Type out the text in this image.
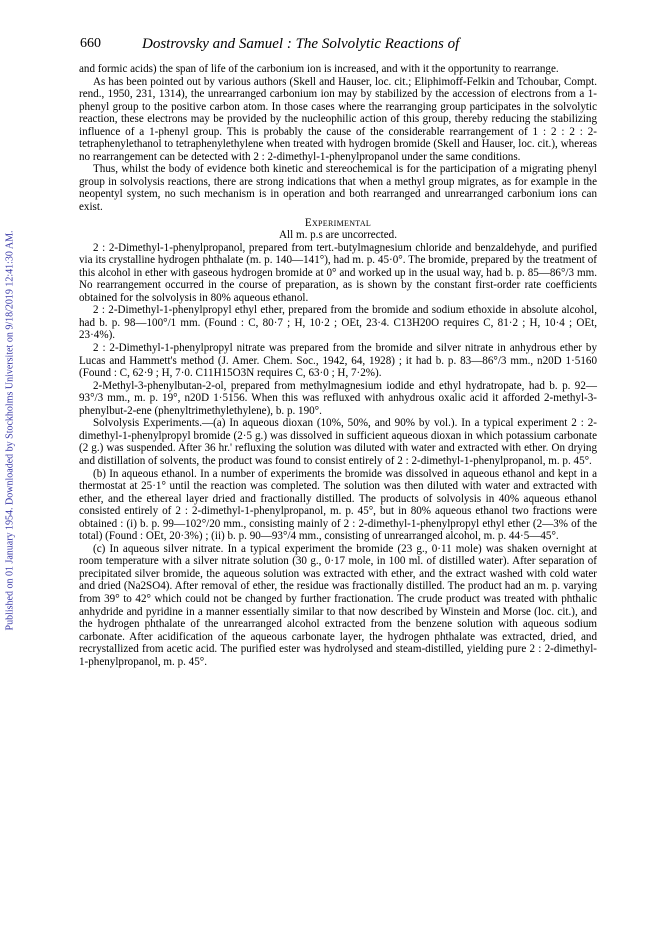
Published on 01 January 1954. Downloaded by Stockholms Universitet on 9/18/2019 12:41:30 AM.
660	Dostrovsky and Samuel : The Solvolytic Reactions of

and formic acids) the span of life of the carbonium ion is increased, and with it the opportunity to rearrange.

As has been pointed out by various authors (Skell and Hauser, loc. cit.; Eliphimoff-Felkin and Tchoubar, Compt. rend., 1950, 231, 1314), the unrearranged carbonium ion may by stabilized by the accession of electrons from a 1-phenyl group to the positive carbon atom. In those cases where the rearranging group participates in the solvolytic reaction, these electrons may be provided by the nucleophilic action of this group, thereby reducing the stabilizing influence of a 1-phenyl group. This is probably the cause of the considerable rearrangement of 1 : 2 : 2 : 2-tetraphenylethanol to tetraphenylethylene when treated with hydrogen bromide (Skell and Hauser, loc. cit.), whereas no rearrangement can be detected with 2 : 2-dimethyl-1-phenylpropanol under the same conditions.

Thus, whilst the body of evidence both kinetic and stereochemical is for the participation of a migrating phenyl group in solvolysis reactions, there are strong indications that when a methyl group migrates, as for example in the neopentyl system, no such mechanism is in operation and both rearranged and unrearranged carbonium ions can exist.

Experimental

All m. p.s are uncorrected.

2 : 2-Dimethyl-1-phenylpropanol, prepared from tert.-butylmagnesium chloride and benzaldehyde, and purified via its crystalline hydrogen phthalate (m. p. 140—141°), had m. p. 45·0°. The bromide, prepared by the treatment of this alcohol in ether with gaseous hydrogen bromide at 0° and worked up in the usual way, had b. p. 85—86°/3 mm. No rearrangement occurred in the course of preparation, as is shown by the constant first-order rate coefficients obtained for the solvolysis in 80% aqueous ethanol.

2 : 2-Dimethyl-1-phenylpropyl ethyl ether, prepared from the bromide and sodium ethoxide in absolute alcohol, had b. p. 98—100°/1 mm. (Found : C, 80·7 ; H, 10·2 ; OEt, 23·4. C13H20O requires C, 81·2 ; H, 10·4 ; OEt, 23·4%).

2 : 2-Dimethyl-1-phenylpropyl nitrate was prepared from the bromide and silver nitrate in anhydrous ether by Lucas and Hammett's method (J. Amer. Chem. Soc., 1942, 64, 1928) ; it had b. p. 83—86°/3 mm., n20D 1·5160 (Found : C, 62·9 ; H, 7·0. C11H15O3N requires C, 63·0 ; H, 7·2%).

2-Methyl-3-phenylbutan-2-ol, prepared from methylmagnesium iodide and ethyl hydratropate, had b. p. 92—93°/3 mm., m. p. 19°, n20D 1·5156. When this was refluxed with anhydrous oxalic acid it afforded 2-methyl-3-phenylbut-2-ene (phenyltrimethylethylene), b. p. 190°.

Solvolysis Experiments.—(a) In aqueous dioxan (10%, 50%, and 90% by vol.). In a typical experiment 2 : 2-dimethyl-1-phenylpropyl bromide (2·5 g.) was dissolved in sufficient aqueous dioxan in which potassium carbonate (2 g.) was suspended. After 36 hr.' refluxing the solution was diluted with water and extracted with ether. On drying and distillation of solvents, the product was found to consist entirely of 2 : 2-dimethyl-1-phenylpropanol, m. p. 45°.

(b) In aqueous ethanol. In a number of experiments the bromide was dissolved in aqueous ethanol and kept in a thermostat at 25·1° until the reaction was completed. The solution was then diluted with water and extracted with ether, and the ethereal layer dried and fractionally distilled. The products of solvolysis in 40% aqueous ethanol consisted entirely of 2 : 2-dimethyl-1-phenylpropanol, m. p. 45°, but in 80% aqueous ethanol two fractions were obtained : (i) b. p. 99—102°/20 mm., consisting mainly of 2 : 2-dimethyl-1-phenylpropyl ethyl ether (2—3% of the total) (Found : OEt, 20·3%) ; (ii) b. p. 90—93°/4 mm., consisting of unrearranged alcohol, m. p. 44·5—45°.

(c) In aqueous silver nitrate. In a typical experiment the bromide (23 g., 0·11 mole) was shaken overnight at room temperature with a silver nitrate solution (30 g., 0·17 mole, in 100 ml. of distilled water). After separation of precipitated silver bromide, the aqueous solution was extracted with ether, and the extract washed with cold water and dried (Na2SO4). After removal of ether, the residue was fractionally distilled. The product had an m. p. varying from 39° to 42° which could not be changed by further fractionation. The crude product was treated with phthalic anhydride and pyridine in a manner essentially similar to that now described by Winstein and Morse (loc. cit.), and the hydrogen phthalate of the unrearranged alcohol extracted from the benzene solution with aqueous sodium carbonate. After acidification of the aqueous carbonate layer, the hydrogen phthalate was extracted, dried, and recrystallized from acetic acid. The purified ester was hydrolysed and steam-distilled, yielding pure 2 : 2-dimethyl-1-phenylpropanol, m. p. 45°.
